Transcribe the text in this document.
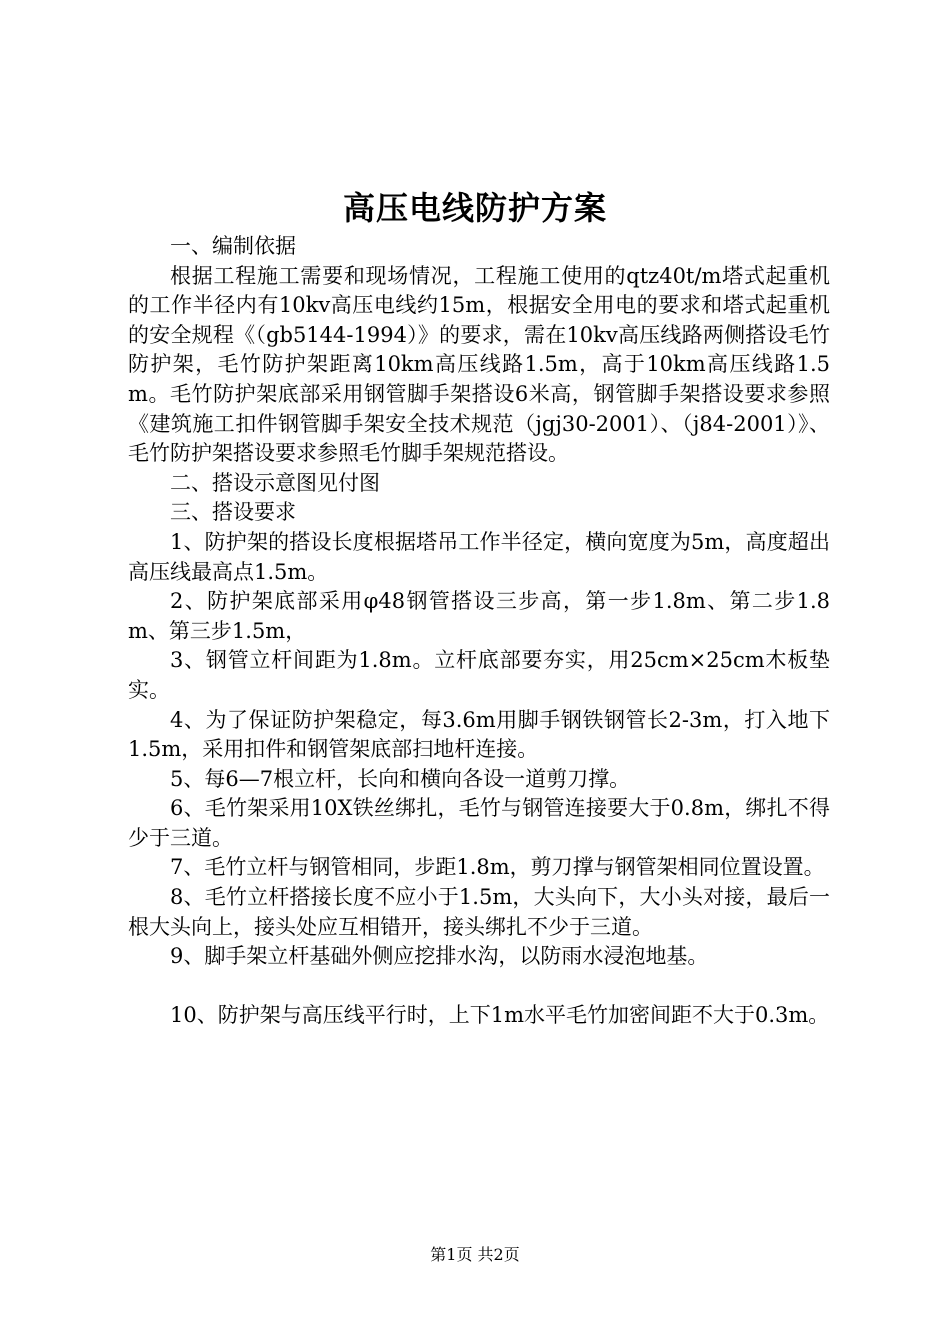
高压电线防护方案

一、编制依据

根据工程施工需要和现场情况，工程施工使用的qtz40t/m塔式起重机的工作半径内有10kv高压电线约15m，根据安全用电的要求和塔式起重机的安全规程《（gb5144-1994）》的要求，需在10kv高压线路两侧搭设毛竹防护架，毛竹防护架距离10km高压线路1.5m，高于10km高压线路1.5m。毛竹防护架底部采用钢管脚手架搭设6米高，钢管脚手架搭设要求参照《建筑施工扣件钢管脚手架安全技术规范（jgj30-2001）、（j84-2001）》、毛竹防护架搭设要求参照毛竹脚手架规范搭设。

二、搭设示意图见付图

三、搭设要求

1、防护架的搭设长度根据塔吊工作半径定，横向宽度为5m，高度超出高压线最高点1.5m。

2、防护架底部采用φ48钢管搭设三步高，第一步1.8m、第二步1.8m、第三步1.5m，

3、钢管立杆间距为1.8m。立杆底部要夯实，用25cm×25cm木板垫实。

4、为了保证防护架稳定，每3.6m用脚手钢铁钢管长2-3m，打入地下1.5m，采用扣件和钢管架底部扫地杆连接。

5、每6—7根立杆，长向和横向各设一道剪刀撑。

6、毛竹架采用10X铁丝绑扎，毛竹与钢管连接要大于0.8m，绑扎不得少于三道。

7、毛竹立杆与钢管相同，步距1.8m，剪刀撑与钢管架相同位置设置。

8、毛竹立杆搭接长度不应小于1.5m，大头向下，大小头对接，最后一根大头向上，接头处应互相错开，接头绑扎不少于三道。

9、脚手架立杆基础外侧应挖排水沟，以防雨水浸泡地基。

10、防护架与高压线平行时，上下1m水平毛竹加密间距不大于0.3m。

第1页 共2页
